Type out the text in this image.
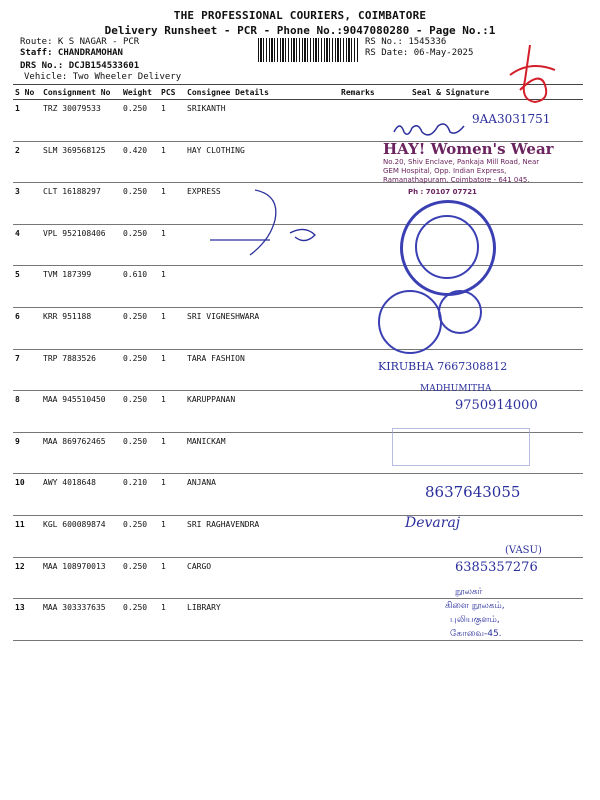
THE PROFESSIONAL COURIERS, COIMBATORE
Delivery Runsheet - PCR - Phone No.:9047080280 - Page No.:1
Route: K S NAGAR - PCR
Staff: CHANDRAMOHAN
DRS No.: DCJB154533601
Vehicle: Two Wheeler Delivery
RS No.: 1545336
RS Date: 06-May-2025
S No	Consignment No	Weight	PCS	Consignee Details	Remarks	Seal & Signature
1	TRZ 30079533	0.250	1	SRIKANTH		
2	SLM 369568125	0.420	1	HAY CLOTHING		
3	CLT 16188297	0.250	1	EXPRESS		
4	VPL 952108406	0.250	1			
5	TVM 187399	0.610	1			
6	KRR 951188	0.250	1	SRI VIGNESHWARA		
7	TRP 7883526	0.250	1	TARA FASHION		
8	MAA 945510450	0.250	1	KARUPPANAN		
9	MAA 869762465	0.250	1	MANICKAM		
10	AWY 4018648	0.210	1	ANJANA		
11	KGL 600089874	0.250	1	SRI RAGHAVENDRA		
12	MAA 108970013	0.250	1	CARGO		
13	MAA 303337635	0.250	1	LIBRARY		
9AA3031751
HAY! Women's Wear
No.20, Shiv Enclave, Pankaja Mill Road, Near GEM Hospital, Opp. Indian Express, Ramanathapuram, Coimbatore - 641 045.
Ph : 70107 07721
KIRUBHA 7667308812
MADHUMITHA
9750914000
8637643055
Devaraj
(VASU)
6385357276
நூலகர்
கிளை நூலகம்,
புலியகுளம்,
கோவை-45.
